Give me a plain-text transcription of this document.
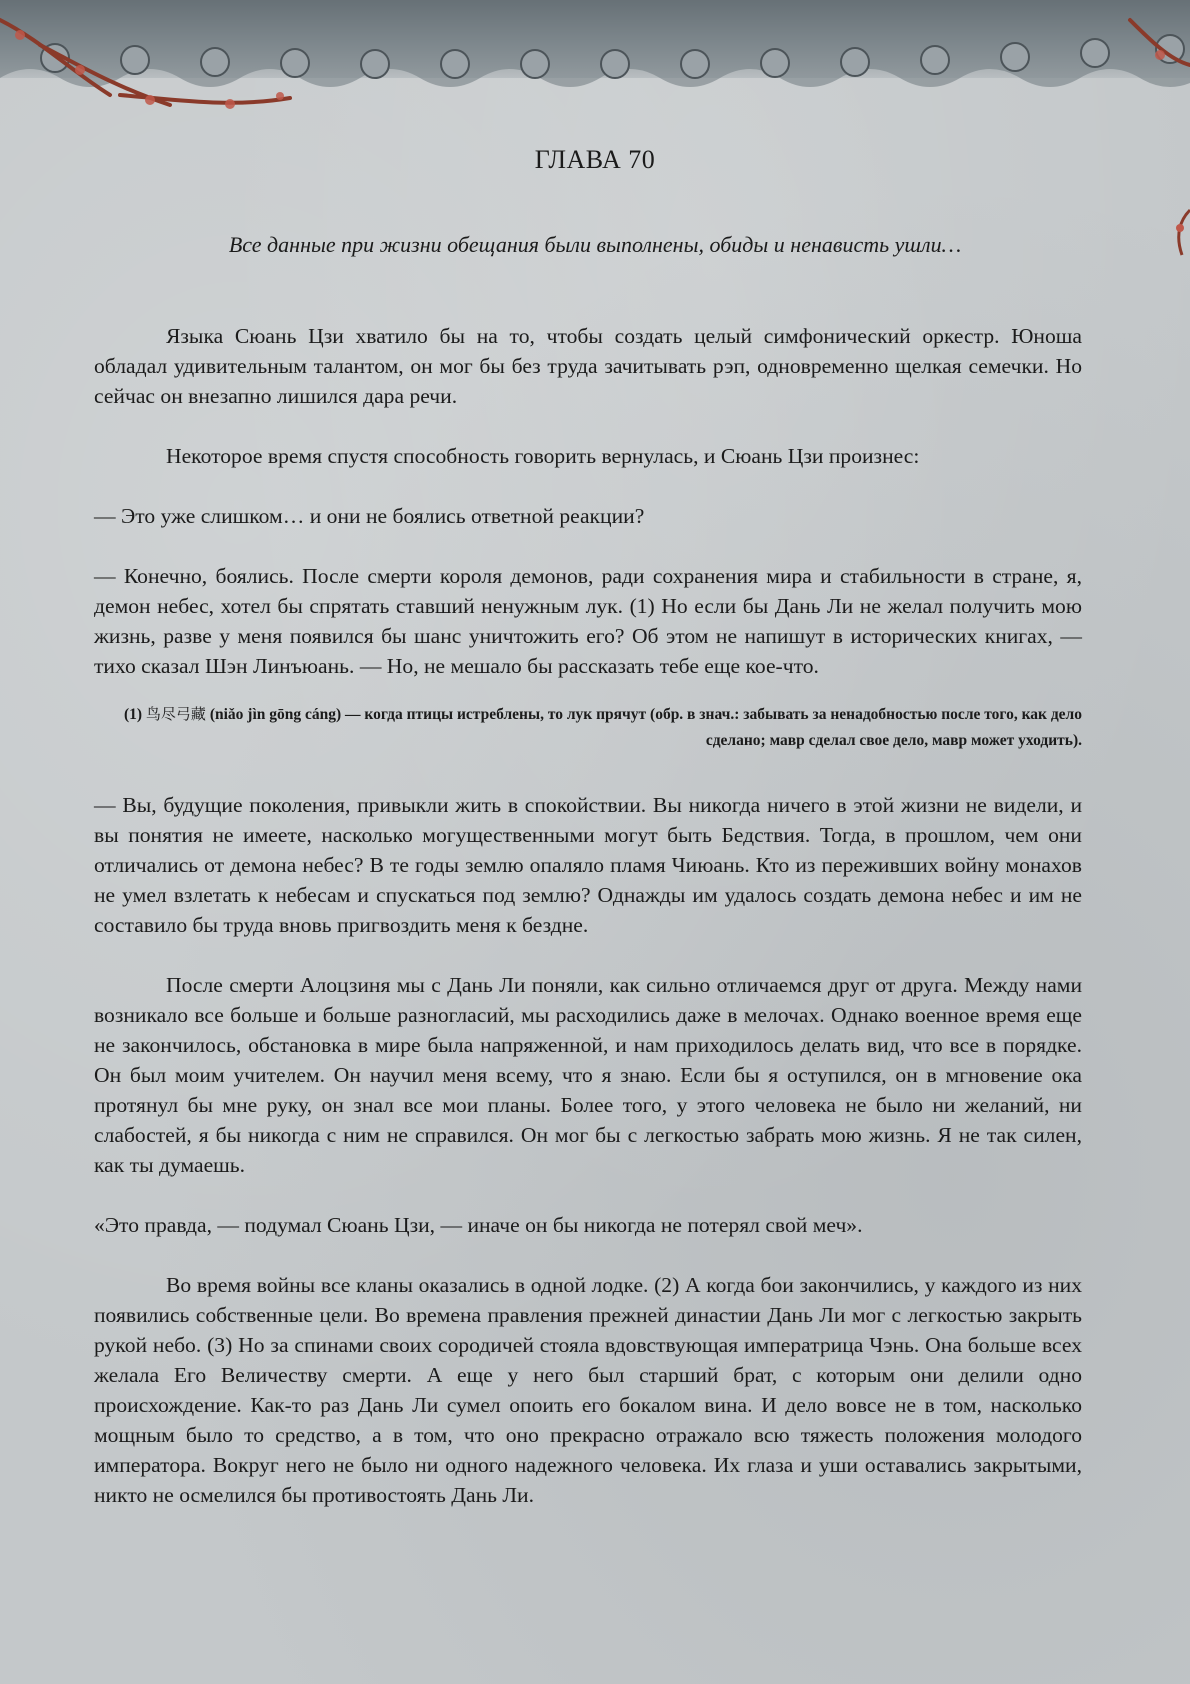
ГЛАВА 70
Все данные при жизни обещания были выполнены, обиды и ненависть ушли…

Языка Сюань Цзи хватило бы на то, чтобы создать целый симфонический оркестр. Юноша обладал удивительным талантом, он мог бы без труда зачитывать рэп, одновременно щелкая семечки. Но сейчас он внезапно лишился дара речи.

Некоторое время спустя способность говорить вернулась, и Сюань Цзи произнес:

— Это уже слишком… и они не боялись ответной реакции?

— Конечно, боялись. После смерти короля демонов, ради сохранения мира и стабильности в стране, я, демон небес, хотел бы спрятать ставший ненужным лук. (1) Но если бы Дань Ли не желал получить мою жизнь, разве у меня появился бы шанс уничтожить его? Об этом не напишут в исторических книгах, — тихо сказал Шэн Линъюань. — Но, не мешало бы рассказать тебе еще кое-что.

(1) 鸟尽弓藏 (niǎo jìn gōng cáng) — когда птицы истреблены, то лук прячут (обр. в знач.: забывать за ненадобностью после того, как дело сделано; мавр сделал свое дело, мавр может уходить).

— Вы, будущие поколения, привыкли жить в спокойствии. Вы никогда ничего в этой жизни не видели, и вы понятия не имеете, насколько могущественными могут быть Бедствия. Тогда, в прошлом, чем они отличались от демона небес? В те годы землю опаляло пламя Чиюань. Кто из переживших войну монахов не умел взлетать к небесам и спускаться под землю? Однажды им удалось создать демона небес и им не составило бы труда вновь пригвоздить меня к бездне.

После смерти Алоцзиня мы с Дань Ли поняли, как сильно отличаемся друг от друга. Между нами возникало все больше и больше разногласий, мы расходились даже в мелочах. Однако военное время еще не закончилось, обстановка в мире была напряженной, и нам приходилось делать вид, что все в порядке. Он был моим учителем. Он научил меня всему, что я знаю. Если бы я оступился, он в мгновение ока протянул бы мне руку, он знал все мои планы. Более того, у этого человека не было ни желаний, ни слабостей, я бы никогда с ним не справился. Он мог бы с легкостью забрать мою жизнь. Я не так силен, как ты думаешь.

«Это правда, — подумал Сюань Цзи, — иначе он бы никогда не потерял свой меч».

Во время войны все кланы оказались в одной лодке. (2) А когда бои закончились, у каждого из них появились собственные цели. Во времена правления прежней династии Дань Ли мог с легкостью закрыть рукой небо. (3) Но за спинами своих сородичей стояла вдовствующая императрица Чэнь. Она больше всех желала Его Величеству смерти. А еще у него был старший брат, с которым они делили одно происхождение. Как-то раз Дань Ли сумел опоить его бокалом вина. И дело вовсе не в том, насколько мощным было то средство, а в том, что оно прекрасно отражало всю тяжесть положения молодого императора. Вокруг него не было ни одного надежного человека. Их глаза и уши оставались закрытыми, никто не осмелился бы противостоять Дань Ли.
